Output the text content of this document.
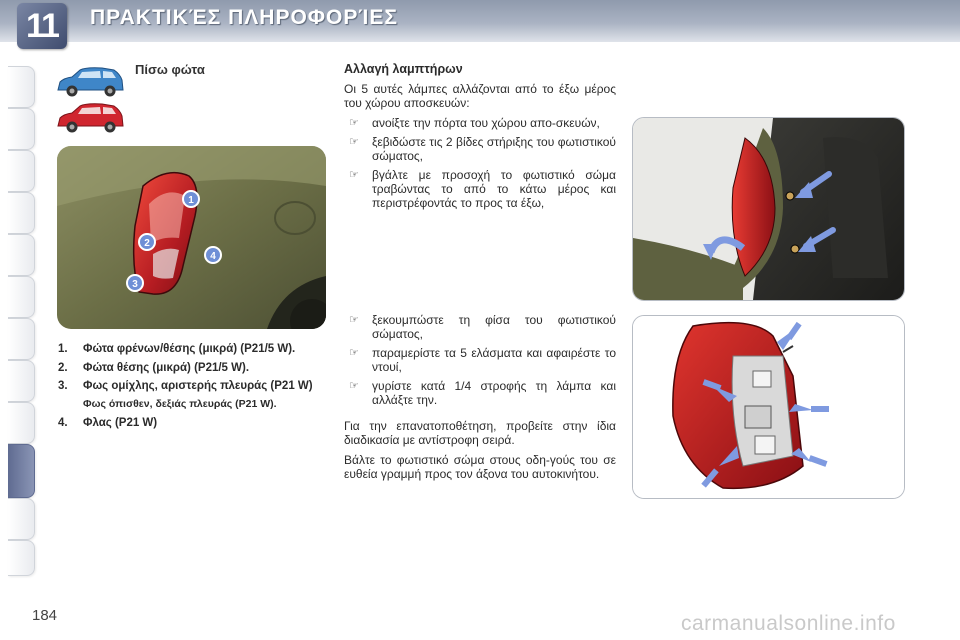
11	ΠΡΑΚΤΙΚΈΣ ΠΛΗΡΟΦΟΡΊΕΣ
Πίσω φώτα
1
2
3
4
1. Φώτα φρένων/θέσης (μικρά) (P21/5 W).
2. Φώτα θέσης (μικρά) (P21/5 W).
3. Φως ομίχλης, αριστερής πλευράς (P21 W)
Φως όπισθεν, δεξιάς πλευράς (P21 W).
4. Φλας (P21 W)
Αλλαγή λαμπτήρων

Οι 5 αυτές λάμπες αλλάζονται από το έξω μέρος του χώρου αποσκευών:

☞ ανοίξτε την πόρτα του χώρου απο-σκευών,
☞ ξεβιδώστε τις 2 βίδες στήριξης του φωτιστικού σώματος,
☞ βγάλτε με προσοχή το φωτιστικό σώμα τραβώντας το από το κάτω μέρος και περιστρέφοντάς το προς τα έξω,
☞ ξεκουμπώστε τη φίσα του φωτιστικού σώματος,
☞ παραμερίστε τα 5 ελάσματα και αφαιρέστε το ντουί,
☞ γυρίστε κατά 1/4 στροφής τη λάμπα και αλλάξτε την.

Για την επανατοποθέτηση, προβείτε στην ίδια διαδικασία με αντίστροφη σειρά.

Βάλτε το φωτιστικό σώμα στους οδη-γούς του σε ευθεία γραμμή προς τον άξονα του αυτοκινήτου.

184	carmanualsonline.info
